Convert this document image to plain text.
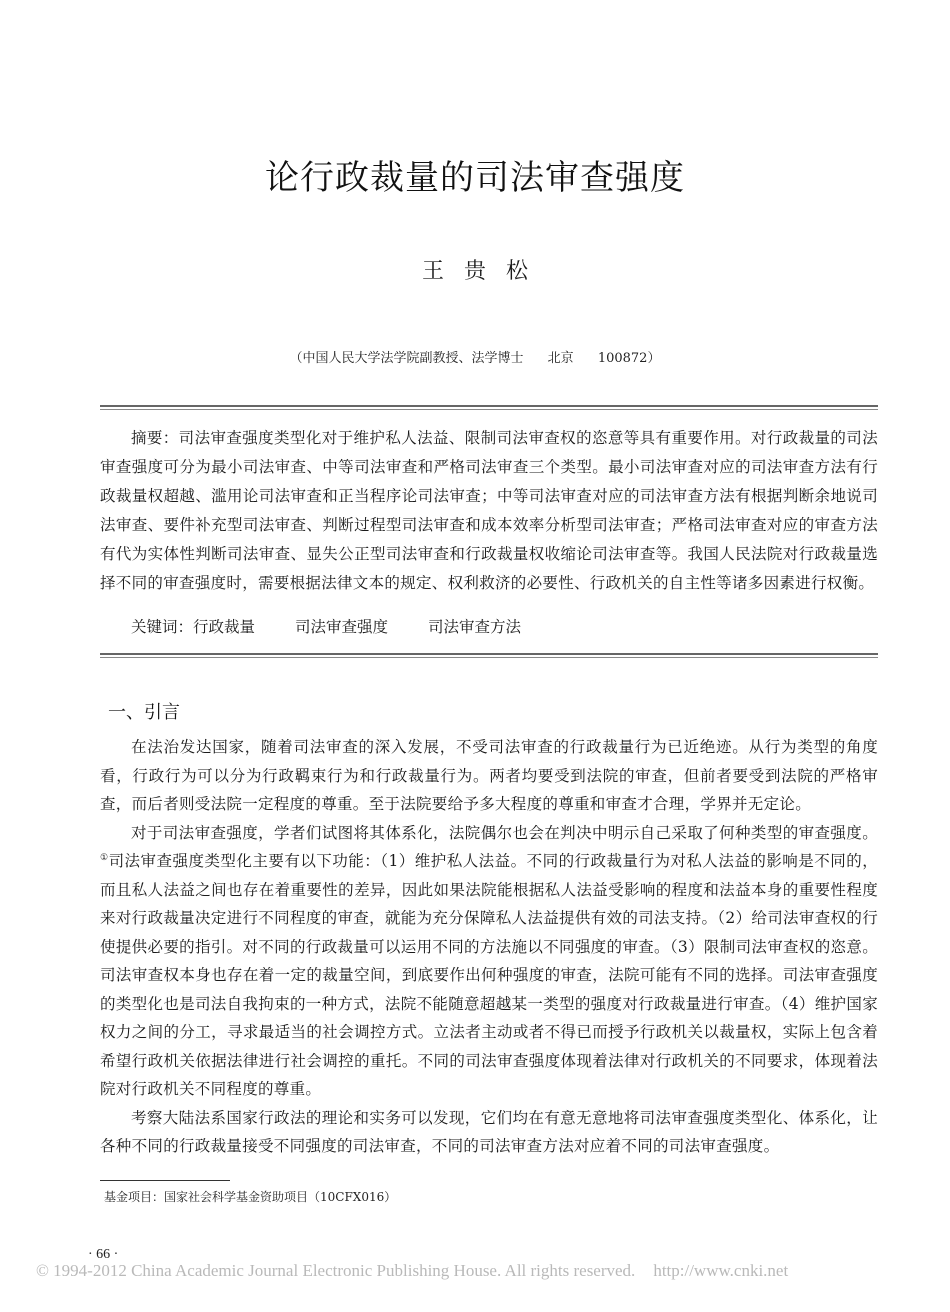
论行政裁量的司法审查强度
王贵松
（中国人民大学法学院副教授、法学博士 北京 100872）

摘要：司法审查强度类型化对于维护私人法益、限制司法审查权的恣意等具有重要作用。对行政裁量的司法审查强度可分为最小司法审查、中等司法审查和严格司法审查三个类型。最小司法审查对应的司法审查方法有行政裁量权超越、滥用论司法审查和正当程序论司法审查；中等司法审查对应的司法审查方法有根据判断余地说司法审查、要件补充型司法审查、判断过程型司法审查和成本效率分析型司法审查；严格司法审查对应的审查方法有代为实体性判断司法审查、显失公正型司法审查和行政裁量权收缩论司法审查等。我国人民法院对行政裁量选择不同的审查强度时，需要根据法律文本的规定、权利救济的必要性、行政机关的自主性等诸多因素进行权衡。

关键词：行政裁量	司法审查强度	司法审查方法
一、引言

在法治发达国家，随着司法审查的深入发展，不受司法审查的行政裁量行为已近绝迹。从行为类型的角度看，行政行为可以分为行政羁束行为和行政裁量行为。两者均要受到法院的审查，但前者要受到法院的严格审查，而后者则受法院一定程度的尊重。至于法院要给予多大程度的尊重和审查才合理，学界并无定论。

对于司法审查强度，学者们试图将其体系化，法院偶尔也会在判决中明示自己采取了何种类型的审查强度。①司法审查强度类型化主要有以下功能：（1）维护私人法益。不同的行政裁量行为对私人法益的影响是不同的，而且私人法益之间也存在着重要性的差异，因此如果法院能根据私人法益受影响的程度和法益本身的重要性程度来对行政裁量决定进行不同程度的审查，就能为充分保障私人法益提供有效的司法支持。（2）给司法审查权的行使提供必要的指引。对不同的行政裁量可以运用不同的方法施以不同强度的审查。（3）限制司法审查权的恣意。司法审查权本身也存在着一定的裁量空间，到底要作出何种强度的审查，法院可能有不同的选择。司法审查强度的类型化也是司法自我拘束的一种方式，法院不能随意超越某一类型的强度对行政裁量进行审查。（4）维护国家权力之间的分工，寻求最适当的社会调控方式。立法者主动或者不得已而授予行政机关以裁量权，实际上包含着希望行政机关依据法律进行社会调控的重托。不同的司法审查强度体现着法律对行政机关的不同要求，体现着法院对行政机关不同程度的尊重。

考察大陆法系国家行政法的理论和实务可以发现，它们均在有意无意地将司法审查强度类型化、体系化，让各种不同的行政裁量接受不同强度的司法审查，不同的司法审查方法对应着不同的司法审查强度。

基金项目：国家社会科学基金资助项目（10CFX016）
· 66 ·
© 1994-2012 China Academic Journal Electronic Publishing House. All rights reserved. http://www.cnki.net
